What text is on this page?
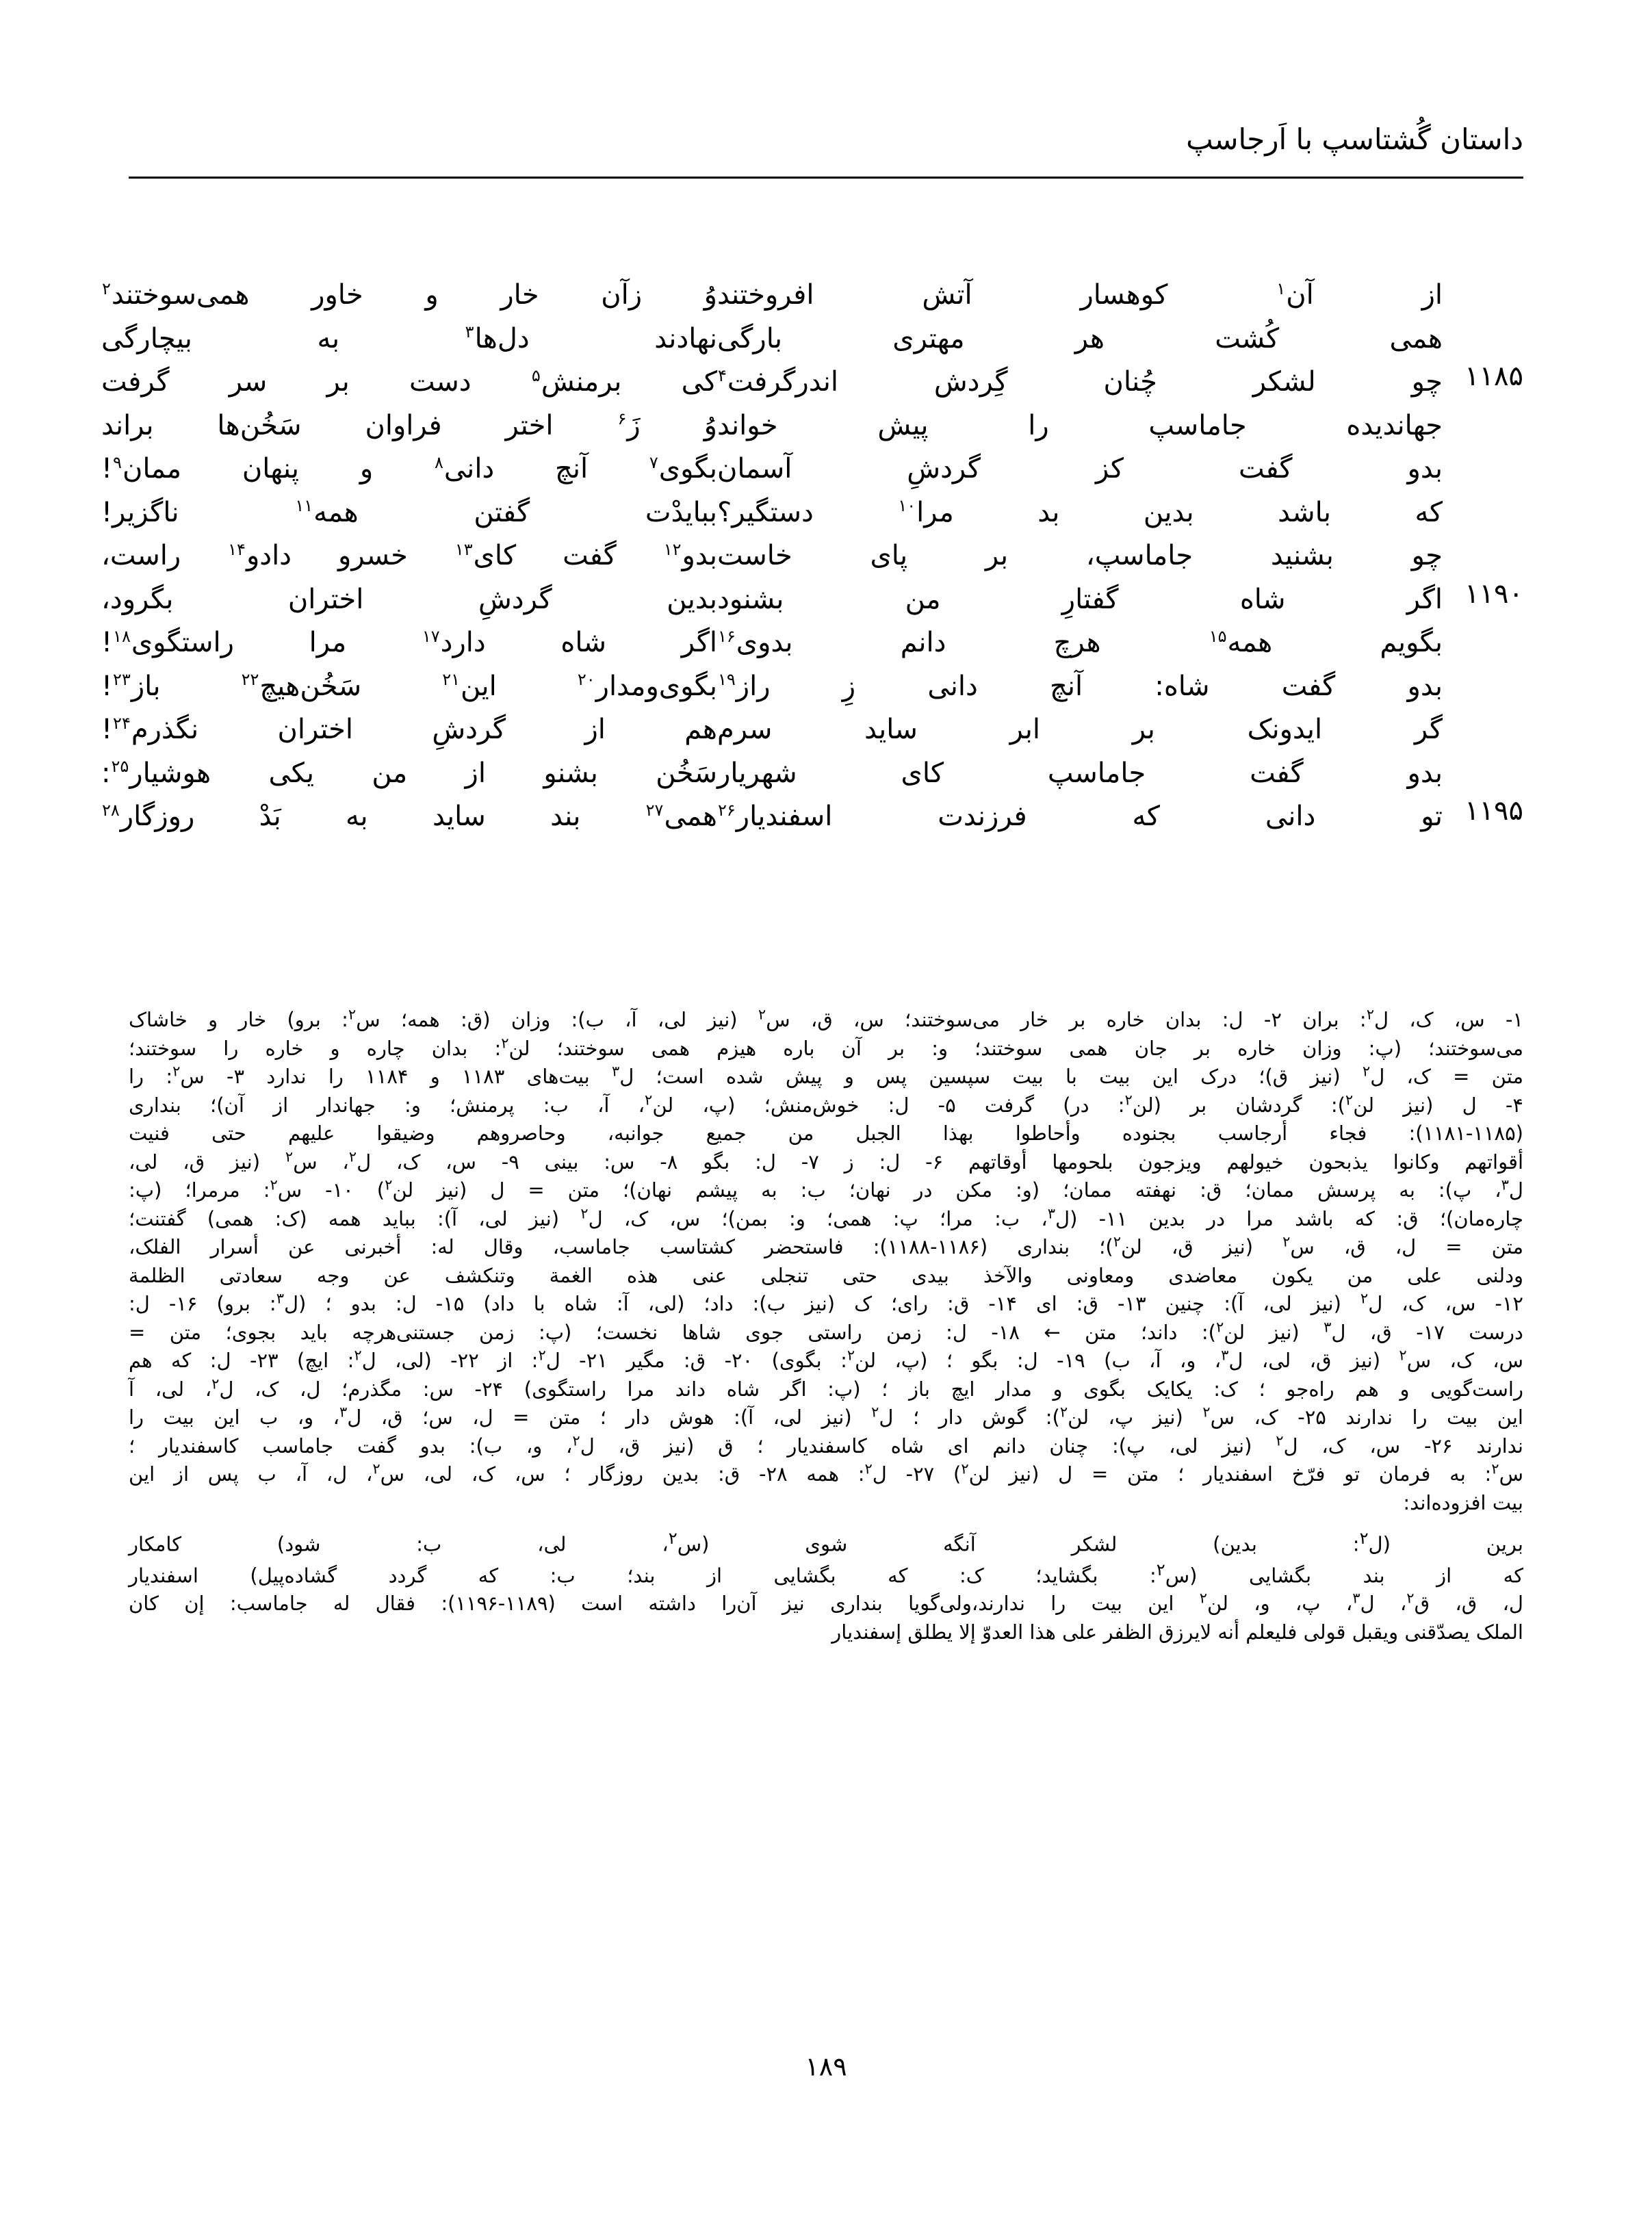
داستان گُشتاسپ با اَرجاسپ
از آن$^۱$ کوهسار آتش افروختند
وُ زآن خار و خاور همی‌سوختند$^۲$
همی کُشت هر مهتری بارگی
نهادند دل‌ها$^۳$ به بیچارگی
۱۱۸۵
چو لشکر چُنان گِردش اندرگرفت$^۴$
کی برمنش$^۵$ دست بر سر گرفت
جهاندیده جاماسپ را پیش خواند
وُ زَ$^۶$ اختر فراوان سَخُن‌ها براند
بدو گفت کز گردشِ آسمان
بگوی$^۷$ آنچ دانی$^۸$ و پنهان ممان$^۹$!
که باشد بدین بد مرا$^{۱۰}$ دستگیر؟
ببایدْت گفتن همه$^{۱۱}$ ناگزیر!
چو بشنید جاماسپ، بر پای خاست
بدو$^{۱۲}$ گفت کای$^{۱۳}$ خسرو دادو$^{۱۴}$ راست،
۱۱۹۰
اگر شاه گفتارِ من بشنود
بدین گردشِ اختران بگرود،
بگویم همه$^{۱۵}$ هرچ دانم بدوی$^{۱۶}$
اگر شاه دارد$^{۱۷}$ مرا راستگوی$^{۱۸}$!
بدو گفت شاه: آنچ دانی زِ راز$^{۱۹}$
بگوی‌ومدار$^{۲۰}$ این$^{۲۱}$ سَخُن‌هیچ$^{۲۲}$ باز$^{۲۳}$!
گر ایدونک بر ابر ساید سرم
هم از گردشِ اختران نگذرم$^{۲۴}$!
بدو گفت جاماسپ کای شهریار
سَخُن بشنو از من یکی هوشیار$^{۲۵}$:
۱۱۹۵
تو دانی که فرزندت اسفندیار$^{۲۶}$
همی$^{۲۷}$ بند ساید به بَدْ روزگار$^{۲۸}$
۱- س، ک، ل$^۲$: بران ۲- ل: بدان خاره بر خار می‌سوختند؛ س، ق، س$^۲$ (نیز لی، آ، ب): وزان (ق: همه؛ س$^۲$: برو) خار و خاشاک
می‌سوختند؛ (پ: وزان خاره بر جان همی سوختند؛ و: بر آن باره هیزم همی سوختند؛ لن$^۲$: بدان چاره و خاره را سوختند؛
متن = ک، ل$^۲$ (نیز ق)؛ درک این بیت با بیت سپسین پس و پیش شده است؛ ل$^۳$ بیت‌های ۱۱۸۳ و ۱۱۸۴ را ندارد ۳- س$^۲$: را
۴- ل (نیز لن$^۲$): گردشان بر (لن$^۲$: در) گرفت ۵- ل: خوش‌منش؛ (پ، لن$^۲$، آ، ب: پرمنش؛ و: جهاندار از آن)؛ بنداری
(۱۱۸۱-۱۱۸۵): فجاء أرجاسب بجنوده وأحاطوا بهذا الجبل من جمیع جوانبه، وحاصروهم وضیقوا علیهم حتی فنیت
أقواتهم وکانوا یذبحون خیولهم ویزجون بلحومها أوقاتهم ۶- ل: ز ۷- ل: بگو ۸- س: بینی ۹- س، ک، ل$^۲$، س$^۲$ (نیز ق، لی،
ل$^۳$، پ): به پرسش ممان؛ ق: نهفته ممان؛ (و: مکن در نهان؛ ب: به پیشم نهان)؛ متن = ل (نیز لن$^۲$) ۱۰- س$^۲$: مرمرا؛ (پ:
چاره‌مان)؛ ق: که باشد مرا در بدین ۱۱- (ل$^۳$، ب: مرا؛ پ: همی؛ و: بمن)؛ س، ک، ل$^۲$ (نیز لی، آ): بباید همه (ک: همی) گفتنت؛
متن = ل، ق، س$^۲$ (نیز ق، لن$^۲$)؛ بنداری (۱۱۸۶-۱۱۸۸): فاستحضر کشتاسب جاماسب، وقال له: أخبرنی عن أسرار الفلک،
ودلنی علی من یکون معاضدی ومعاونی والآخذ بیدی حتی تنجلی عنی هذه الغمة وتنکشف عن وجه سعادتی الظلمة
۱۲- س، ک، ل$^۲$ (نیز لی، آ): چنین ۱۳- ق: ای ۱۴- ق: رای؛ ک (نیز ب): داد؛ (لی، آ: شاه با داد) ۱۵- ل: بدو ؛ (ل$^۳$: برو) ۱۶- ل:
درست ۱۷- ق، ل$^۳$ (نیز لن$^۲$): داند؛ متن ← ۱۸- ل: زمن راستی جوی شاها نخست؛ (پ: زمن جستنی‌هرچه باید بجوی؛ متن =
س، ک، س$^۲$ (نیز ق، لی، ل$^۳$، و، آ، ب) ۱۹- ل: بگو ؛ (پ، لن$^۲$: بگوی) ۲۰- ق: مگیر ۲۱- ل$^۲$: از ۲۲- (لی، ل$^۲$: ایچ) ۲۳- ل: که هم
راست‌گویی و هم راه‌جو ؛ ک: یکایک بگوی و مدار ایچ باز ؛ (پ: اگر شاه داند مرا راستگوی) ۲۴- س: مگذرم؛ ل، ک، ل$^۲$، لی، آ
این بیت را ندارند ۲۵- ک، س$^۲$ (نیز پ، لن$^۲$): گوش دار ؛ ل$^۲$ (نیز لی، آ): هوش دار ؛ متن = ل، س؛ ق، ل$^۳$، و، ب این بیت را
ندارند ۲۶- س، ک، ل$^۲$ (نیز لی، پ): چنان دانم ای شاه کاسفندیار ؛ ق (نیز ق، ل$^۲$، و، ب): بدو گفت جاماسب کاسفندیار ؛
س$^۲$: به فرمان تو فرّخ اسفندیار ؛ متن = ل (نیز لن$^۲$) ۲۷- ل$^۲$: همه ۲۸- ق: بدین روزگار ؛ س، ک، لی، س$^۲$، ل، آ، ب پس از این
بیت افزوده‌اند:
برین (ل$^۲$: بدین) لشکر آنگه شوی (س$^۲$، لی، ب: شود) کامکار
که از بند بگشایی (س$^۲$: بگشاید؛ ک: که بگشایی از بند؛ ب: که گردد گشاده‌پیل) اسفندیار
ل، ق، ق$^۲$، ل$^۳$، پ، و، لن$^۲$ این بیت را ندارند،ولی‌گویا بنداری نیز آن‌را داشته است (۱۱۸۹-۱۱۹۶): فقال له جاماسب: إن کان
الملک یصدّقنی ویقبل قولی فلیعلم أنه لایرزق الظفر علی هذا العدوّ إلا یطلق إسفندیار
۱۸۹
